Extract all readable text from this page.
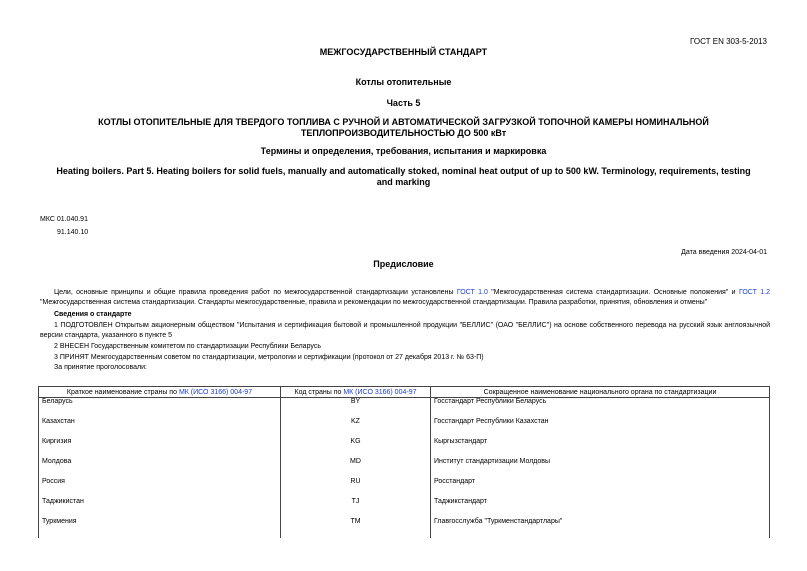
ГОСТ EN 303-5-2013
МЕЖГОСУДАРСТВЕННЫЙ СТАНДАРТ
Котлы отопительные
Часть 5
КОТЛЫ ОТОПИТЕЛЬНЫЕ ДЛЯ ТВЕРДОГО ТОПЛИВА С РУЧНОЙ И АВТОМАТИЧЕСКОЙ ЗАГРУЗКОЙ ТОПОЧНОЙ КАМЕРЫ НОМИНАЛЬНОЙ ТЕПЛОПРОИЗВОДИТЕЛЬНОСТЬЮ ДО 500 кВт
Термины и определения, требования, испытания и маркировка
Heating boilers. Part 5. Heating boilers for solid fuels, manually and automatically stoked, nominal heat output of up to 500 kW. Terminology, requirements, testing and marking
МКС 01.040.91
91.140.10
Дата введения 2024-04-01
Предисловие
Цели, основные принципы и общие правила проведения работ по межгосударственной стандартизации установлены ГОСТ 1.0 "Межгосударственная система стандартизации. Основные положения" и ГОСТ 1.2 "Межгосударственная система стандартизации. Стандарты межгосударственные, правила и рекомендации по межгосударственной стандартизации. Правила разработки, принятия, обновления и отмены"
Сведения о стандарте
1 ПОДГОТОВЛЕН Открытым акционерным обществом "Испытания и сертификация бытовой и промышленной продукции "БЕЛЛИС" (ОАО "БЕЛЛИС") на основе собственного перевода на русский язык англоязычной версии стандарта, указанного в пункте 5
2 ВНЕСЕН Государственным комитетом по стандартизации Республики Беларусь
3 ПРИНЯТ Межгосударственным советом по стандартизации, метрологии и сертификации (протокол от 27 декабря 2013 г. № 63-П)
За принятие проголосовали:
Краткое наименование страны по МК (ИСО 3166) 004-97	Код страны по МК (ИСО 3166) 004-97	Сокращенное наименование национального органа по стандартизации
Беларусь	BY	Госстандарт Республики Беларусь
Казахстан	KZ	Госстандарт Республики Казахстан
Киргизия	KG	Кыргызстандарт
Молдова	MD	Институт стандартизации Молдовы
Россия	RU	Росстандарт
Таджикистан	TJ	Таджикстандарт
Туркмения	TM	Главгосслужба "Туркменстандартлары"
